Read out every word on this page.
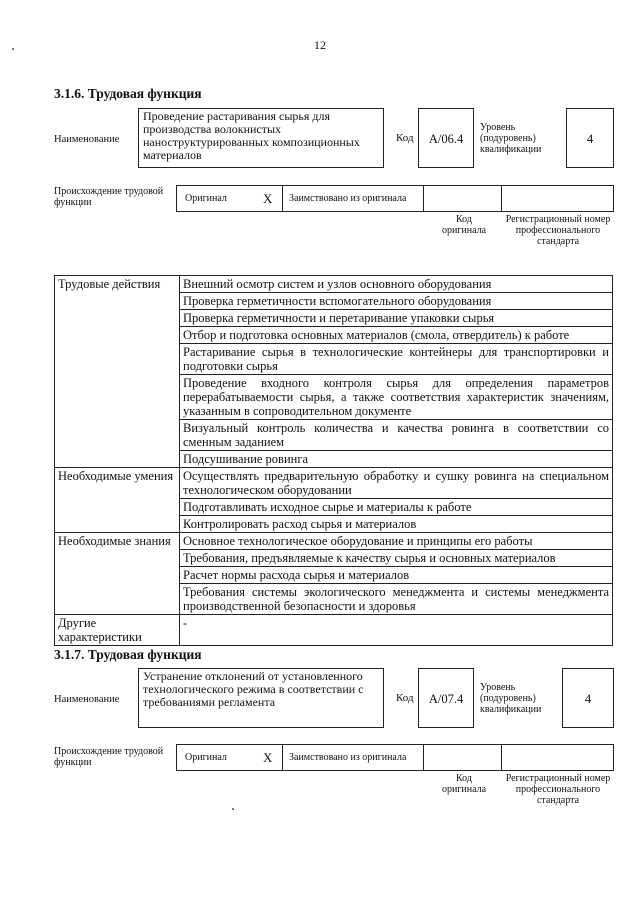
12
3.1.6. Трудовая функция
Наименование
Проведение растаривания сырья для производства волокнистых наноструктурированных композиционных материалов
Код	A/06.4
Уровень (подуровень) квалификации
4
Происхождение трудовой функции	Оригинал	X Заимствовано из оригинала
Код оригинала
Регистрационный номер профессионального стандарта
Трудовые действия	Внешний осмотр систем и узлов основного оборудования
	Проверка герметичности вспомогательного оборудования
	Проверка герметичности и перетаривание упаковки сырья
	Отбор и подготовка основных материалов (смола, отвердитель) к работе
	Растаривание сырья в технологические контейнеры для транспортировки и подготовки сырья
	Проведение входного контроля сырья для определения параметров перерабатываемости сырья, а также соответствия характеристик значениям, указанным в сопроводительном документе
	Визуальный контроль количества и качества ровинга в соответствии со сменным заданием
	Подсушивание ровинга
Необходимые умения	Осуществлять предварительную обработку и сушку ровинга на специальном технологическом оборудовании
	Подготавливать исходное сырье и материалы к работе
	Контролировать расход сырья и материалов
Необходимые знания	Основное технологическое оборудование и принципы его работы
	Требования, предъявляемые к качеству сырья и основных материалов
	Расчет нормы расхода сырья и материалов
	Требования системы экологического менеджмента и системы менеджмента производственной безопасности и здоровья
Другие характеристики	-
3.1.7. Трудовая функция
Наименование
Устранение отклонений от установленного технологического режима в соответствии с требованиями регламента	Код	A/07.4
Уровень (подуровень) квалификации
4
Происхождение трудовой функции	Оригинал	X Заимствовано из оригинала
Код оригинала
Регистрационный номер профессионального стандарта
